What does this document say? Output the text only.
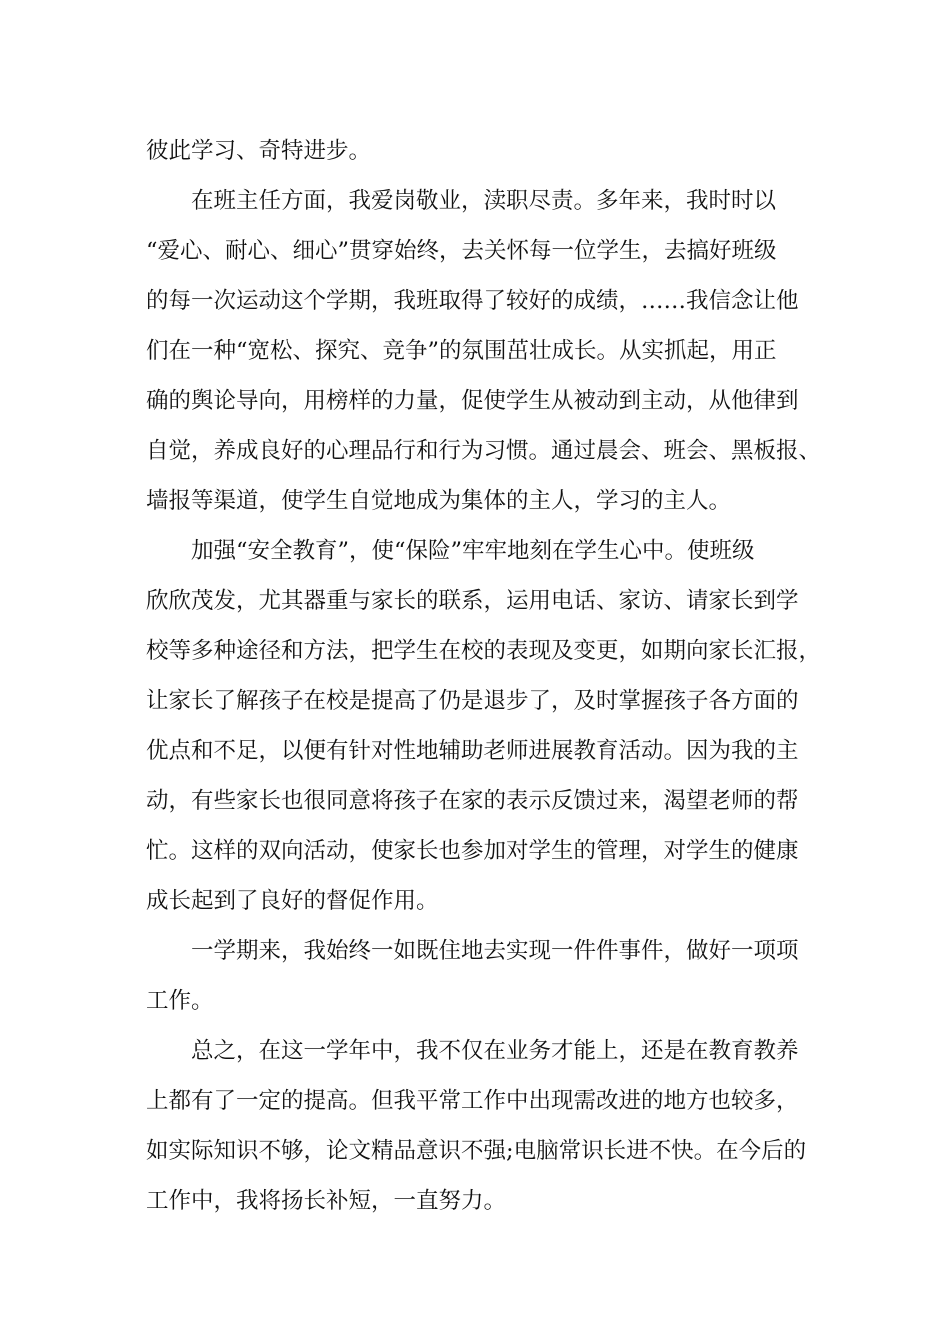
彼此学习、奇特进步。
在班主任方面，我爱岗敬业，渎职尽责。多年来，我时时以
“爱心、耐心、细心”贯穿始终，去关怀每一位学生，去搞好班级
的每一次运动这个学期，我班取得了较好的成绩，……我信念让他
们在一种“宽松、探究、竞争”的氛围茁壮成长。从实抓起，用正
确的舆论导向，用榜样的力量，促使学生从被动到主动，从他律到
自觉，养成良好的心理品行和行为习惯。通过晨会、班会、黑板报、
墙报等渠道，使学生自觉地成为集体的主人，学习的主人。
加强“安全教育”，使“保险”牢牢地刻在学生心中。使班级
欣欣茂发，尤其器重与家长的联系，运用电话、家访、请家长到学
校等多种途径和方法，把学生在校的表现及变更，如期向家长汇报，
让家长了解孩子在校是提高了仍是退步了，及时掌握孩子各方面的
优点和不足，以便有针对性地辅助老师进展教育活动。因为我的主
动，有些家长也很同意将孩子在家的表示反馈过来，渴望老师的帮
忙。这样的双向活动，使家长也参加对学生的管理，对学生的健康
成长起到了良好的督促作用。
一学期来，我始终一如既住地去实现一件件事件，做好一项项
工作。
总之，在这一学年中，我不仅在业务才能上，还是在教育教养
上都有了一定的提高。但我平常工作中出现需改进的地方也较多，
如实际知识不够，论文精品意识不强;电脑常识长进不快。在今后的
工作中，我将扬长补短，一直努力。
